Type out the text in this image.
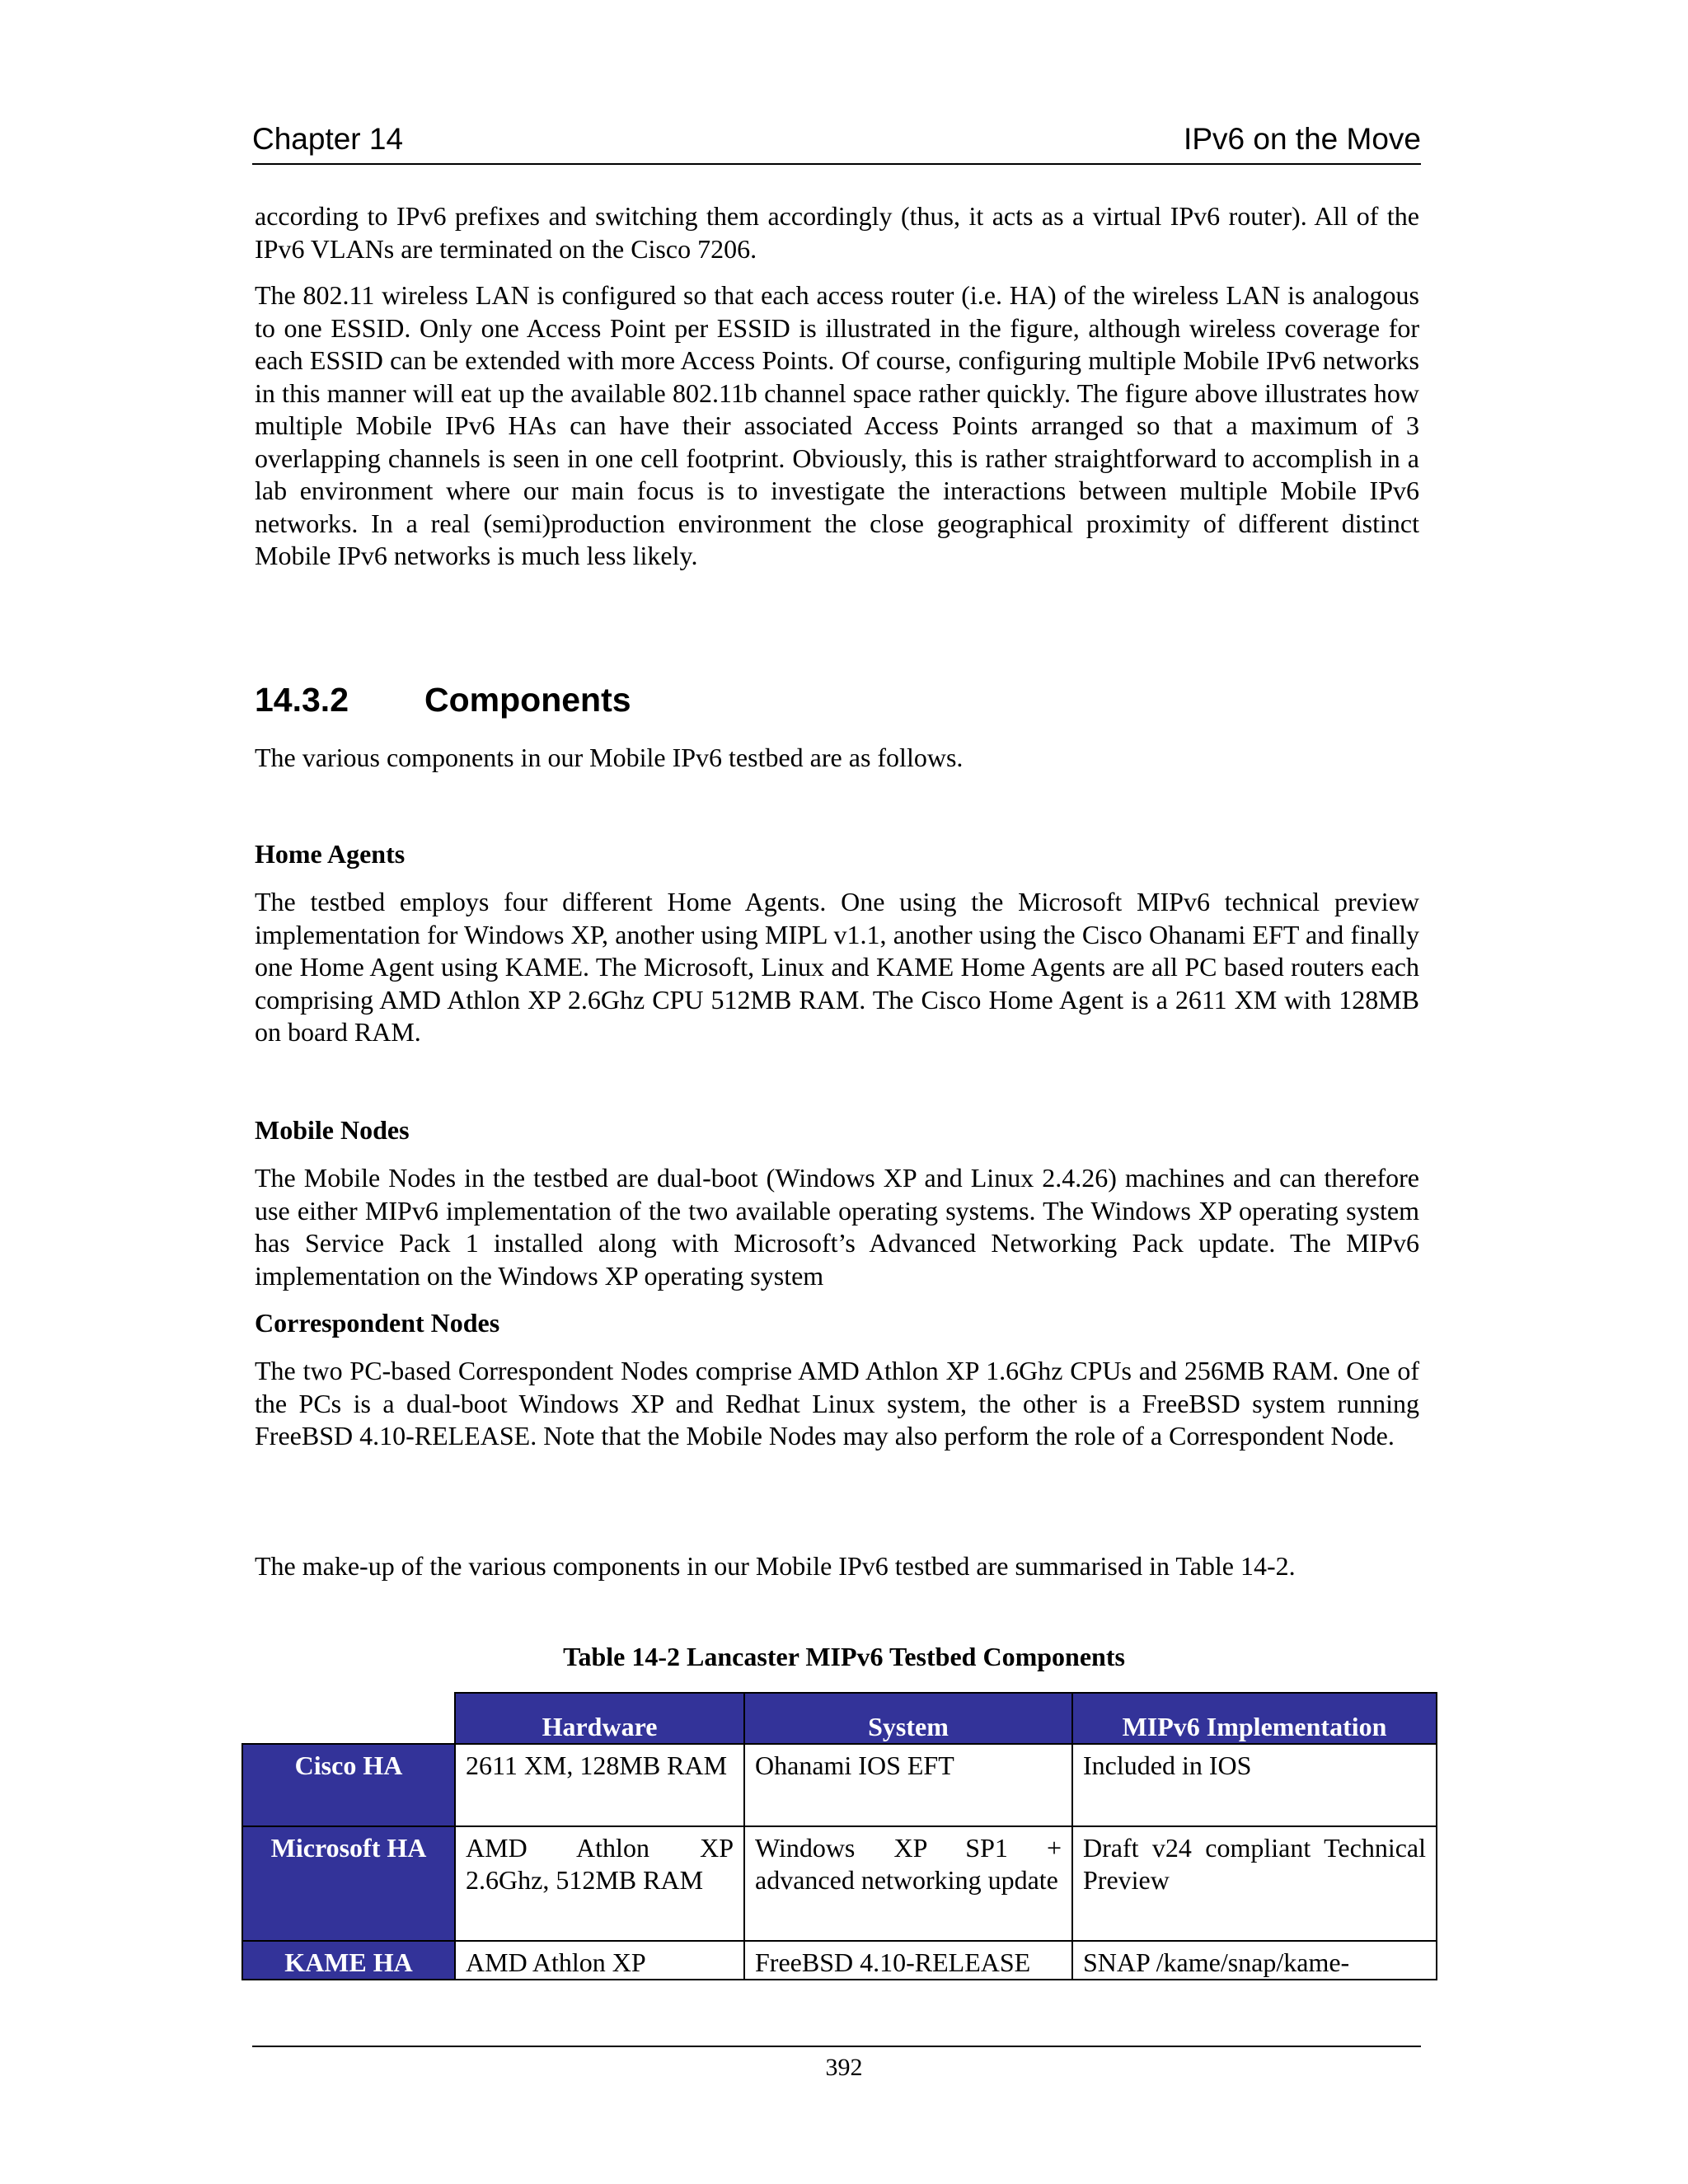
Chapter 14	IPv6 on the Move

according to IPv6 prefixes and switching them accordingly (thus, it acts as a virtual IPv6 router). All of the IPv6 VLANs are terminated on the Cisco 7206.

The 802.11 wireless LAN is configured so that each access router (i.e. HA) of the wireless LAN is analogous to one ESSID. Only one Access Point per ESSID is illustrated in the figure, although wireless coverage for each ESSID can be extended with more Access Points. Of course, configuring multiple Mobile IPv6 networks in this manner will eat up the available 802.11b channel space rather quickly. The figure above illustrates how multiple Mobile IPv6 HAs can have their associated Access Points arranged so that a maximum of 3 overlapping channels is seen in one cell footprint. Obviously, this is rather straightforward to accomplish in a lab environment where our main focus is to investigate the interactions between multiple Mobile IPv6 networks. In a real (semi)production environment the close geographical proximity of different distinct Mobile IPv6 networks is much less likely.

14.3.2 Components

The various components in our Mobile IPv6 testbed are as follows.

Home Agents

The testbed employs four different Home Agents. One using the Microsoft MIPv6 technical preview implementation for Windows XP, another using MIPL v1.1, another using the Cisco Ohanami EFT and finally one Home Agent using KAME. The Microsoft, Linux and KAME Home Agents are all PC based routers each comprising AMD Athlon XP 2.6Ghz CPU 512MB RAM. The Cisco Home Agent is a 2611 XM with 128MB on board RAM.

Mobile Nodes

The Mobile Nodes in the testbed are dual-boot (Windows XP and Linux 2.4.26) machines and can therefore use either MIPv6 implementation of the two available operating systems. The Windows XP operating system has Service Pack 1 installed along with Microsoft’s Advanced Networking Pack update. The MIPv6 implementation on the Windows XP operating system

Correspondent Nodes

The two PC-based Correspondent Nodes comprise AMD Athlon XP 1.6Ghz CPUs and 256MB RAM. One of the PCs is a dual-boot Windows XP and Redhat Linux system, the other is a FreeBSD system running FreeBSD 4.10-RELEASE. Note that the Mobile Nodes may also perform the role of a Correspondent Node.

The make-up of the various components in our Mobile IPv6 testbed are summarised in Table 14-2.

Table 14-2 Lancaster MIPv6 Testbed Components
	Hardware	System	MIPv6 Implementation
Cisco HA	2611 XM, 128MB RAM	Ohanami IOS EFT	Included in IOS
Microsoft HA	AMD Athlon XP 2.6Ghz, 512MB RAM	Windows XP SP1 + advanced networking update	Draft v24 compliant Technical Preview
KAME HA	AMD Athlon XP	FreeBSD 4.10-RELEASE	SNAP /kame/snap/kame-
392
